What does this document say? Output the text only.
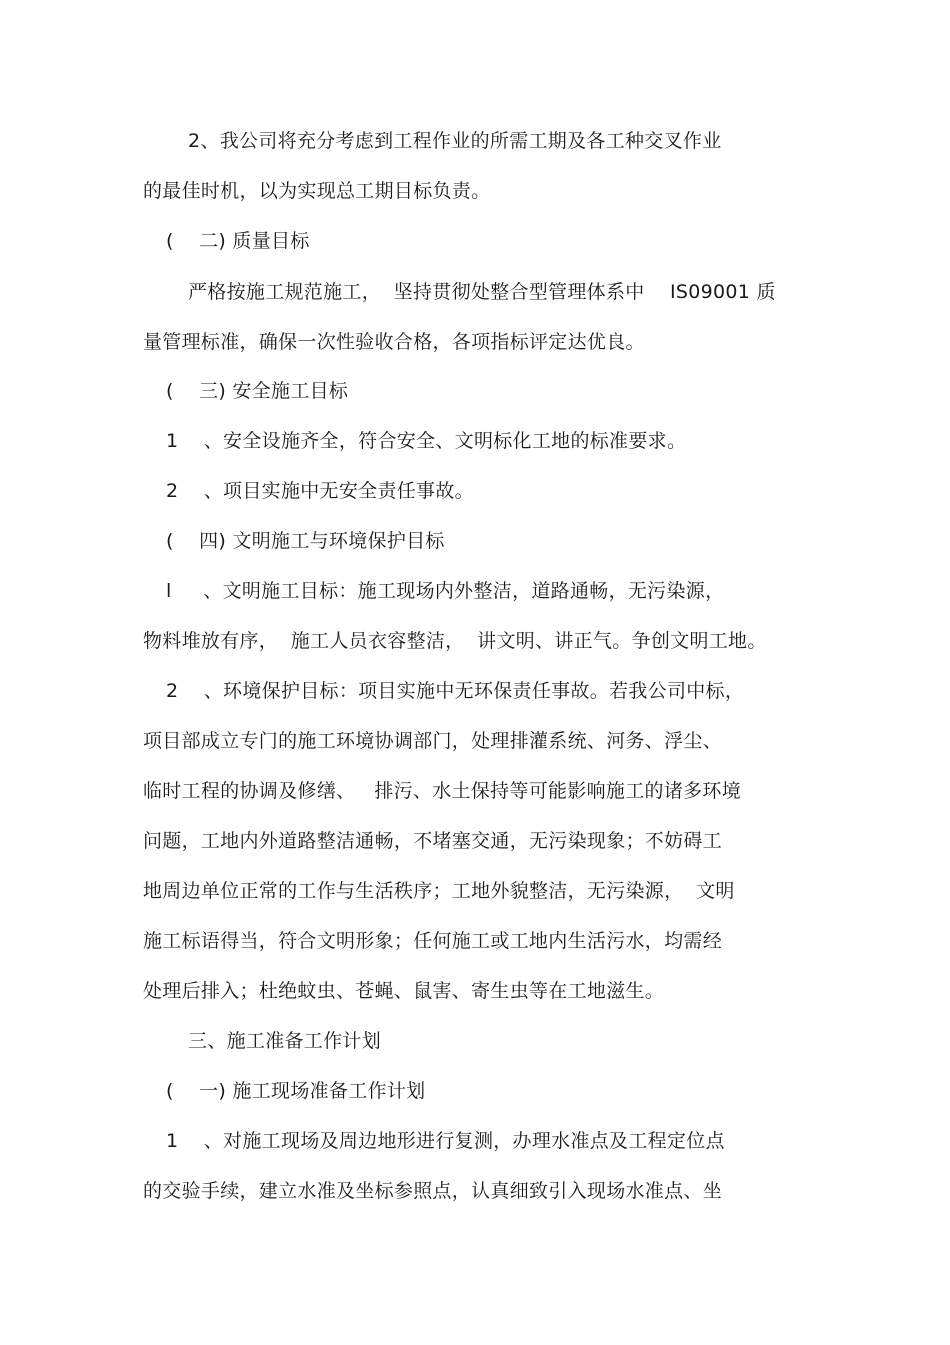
2、我公司将充分考虑到工程作业的所需工期及各工种交叉作业
的最佳时机，以为实现总工期目标负责。
(    二) 质量目标
严格按施工规范施工，  坚持贯彻处整合型管理体系中    IS09001 质
量管理标准，确保一次性验收合格，各项指标评定达优良。
(    三) 安全施工目标
1    、安全设施齐全，符合安全、文明标化工地的标准要求。
2    、项目实施中无安全责任事故。
(    四) 文明施工与环境保护目标
l     、文明施工目标：施工现场内外整洁，道路通畅，无污染源，
物料堆放有序，  施工人员衣容整洁，  讲文明、讲正气。争创文明工地。
2    、环境保护目标：项目实施中无环保责任事故。若我公司中标，
项目部成立专门的施工环境协调部门，处理排灌系统、河务、浮尘、
临时工程的协调及修缮、   排污、水土保持等可能影响施工的诸多环境
问题，工地内外道路整洁通畅，不堵塞交通，无污染现象；不妨碍工
地周边单位正常的工作与生活秩序；工地外貌整洁，无污染源，  文明
施工标语得当，符合文明形象；任何施工或工地内生活污水，均需经
处理后排入；杜绝蚊虫、苍蝇、鼠害、寄生虫等在工地滋生。
三、施工准备工作计划
(    一) 施工现场准备工作计划
1    、对施工现场及周边地形进行复测，办理水准点及工程定位点
的交验手续，建立水准及坐标参照点，认真细致引入现场水准点、坐
